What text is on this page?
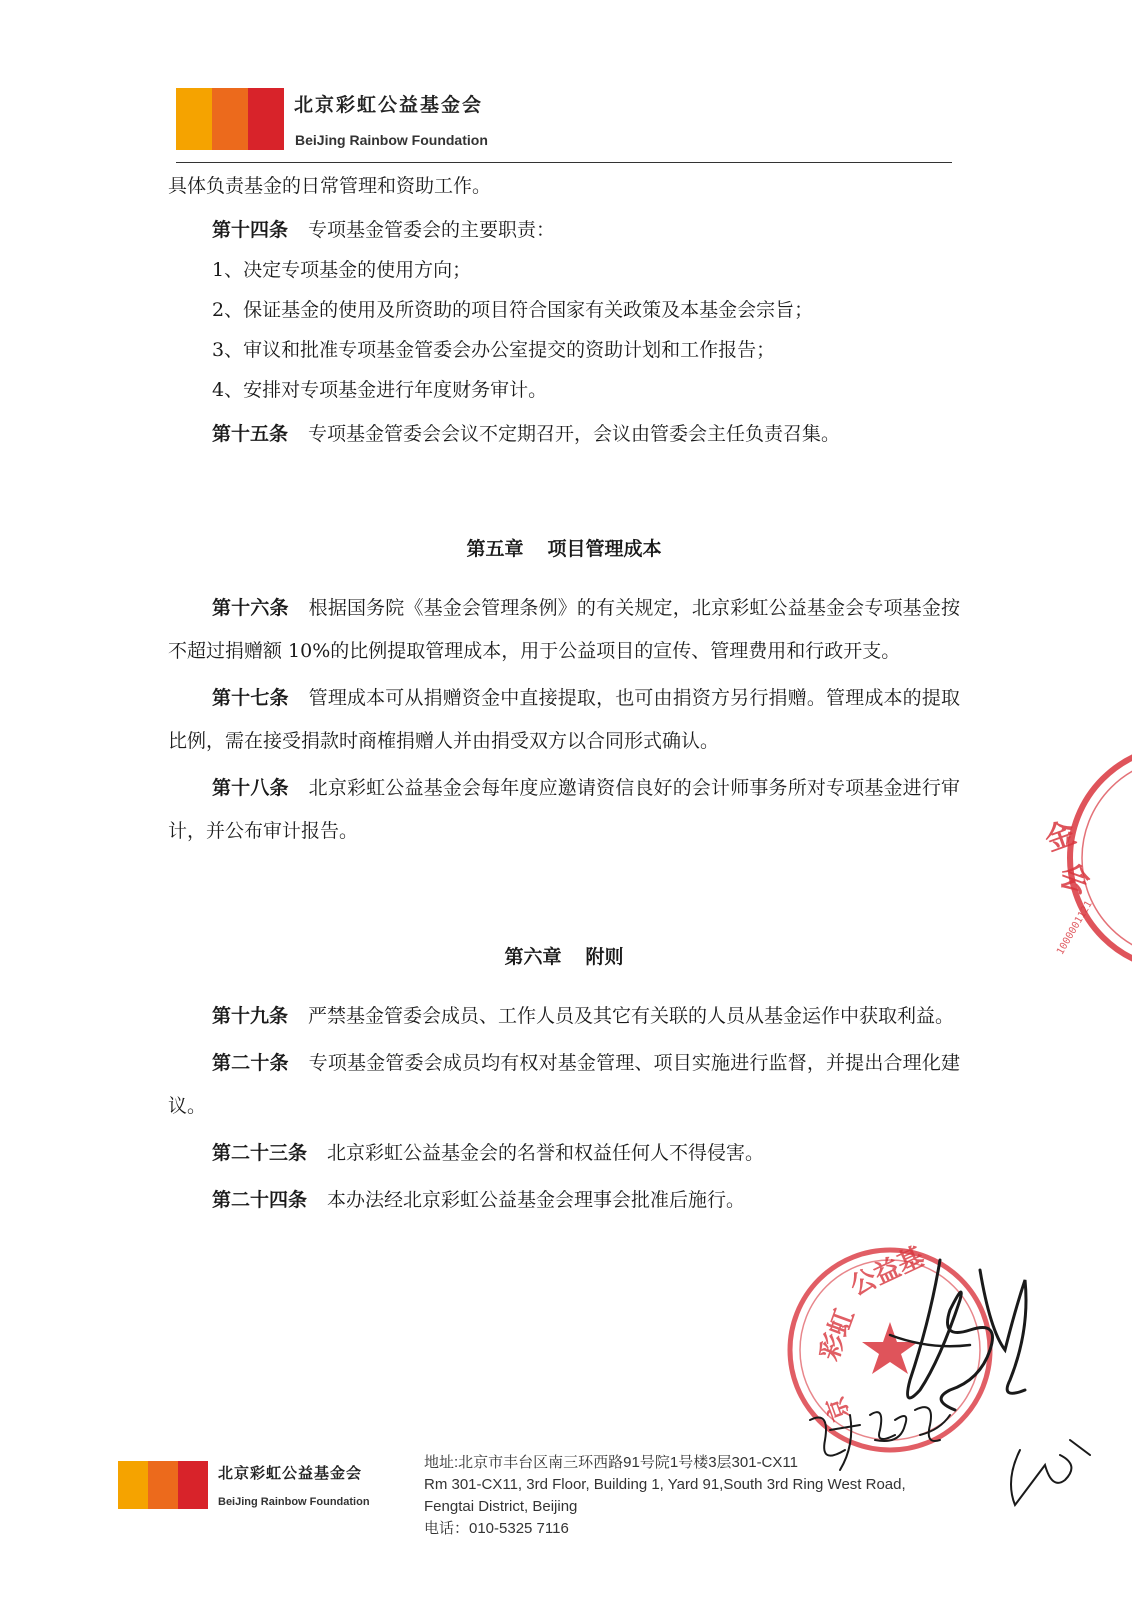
北京彩虹公益基金会
BeiJing Rainbow Foundation

具体负责基金的日常管理和资助工作。

第十四条 专项基金管委会的主要职责：

1、决定专项基金的使用方向；

2、保证基金的使用及所资助的项目符合国家有关政策及本基金会宗旨；

3、审议和批准专项基金管委会办公室提交的资助计划和工作报告；

4、安排对专项基金进行年度财务审计。

第十五条 专项基金管委会会议不定期召开，会议由管委会主任负责召集。

第五章 项目管理成本

第十六条 根据国务院《基金会管理条例》的有关规定，北京彩虹公益基金会专项基金按不超过捐赠额 10%的比例提取管理成本，用于公益项目的宣传、管理费用和行政开支。

第十七条 管理成本可从捐赠资金中直接提取，也可由捐资方另行捐赠。管理成本的提取比例，需在接受捐款时商榷捐赠人并由捐受双方以合同形式确认。

第十八条 北京彩虹公益基金会每年度应邀请资信良好的会计师事务所对专项基金进行审计，并公布审计报告。

第六章 附则

第十九条 严禁基金管委会成员、工作人员及其它有关联的人员从基金运作中获取利益。

第二十条 专项基金管委会成员均有权对基金管理、项目实施进行监督，并提出合理化建议。

第二十三条 北京彩虹公益基金会的名誉和权益任何人不得侵害。

第二十四条 本办法经北京彩虹公益基金会理事会批准后施行。

金
会
1000001121
彩虹
公益基
京
北京彩虹公益基金会
BeiJing Rainbow Foundation
地址:北京市丰台区南三环西路91号院1号楼3层301-CX11
Rm 301-CX11, 3rd Floor, Building 1, Yard 91,South 3rd Ring West Road,
Fengtai District, Beijing
电话：010-5325 7116
